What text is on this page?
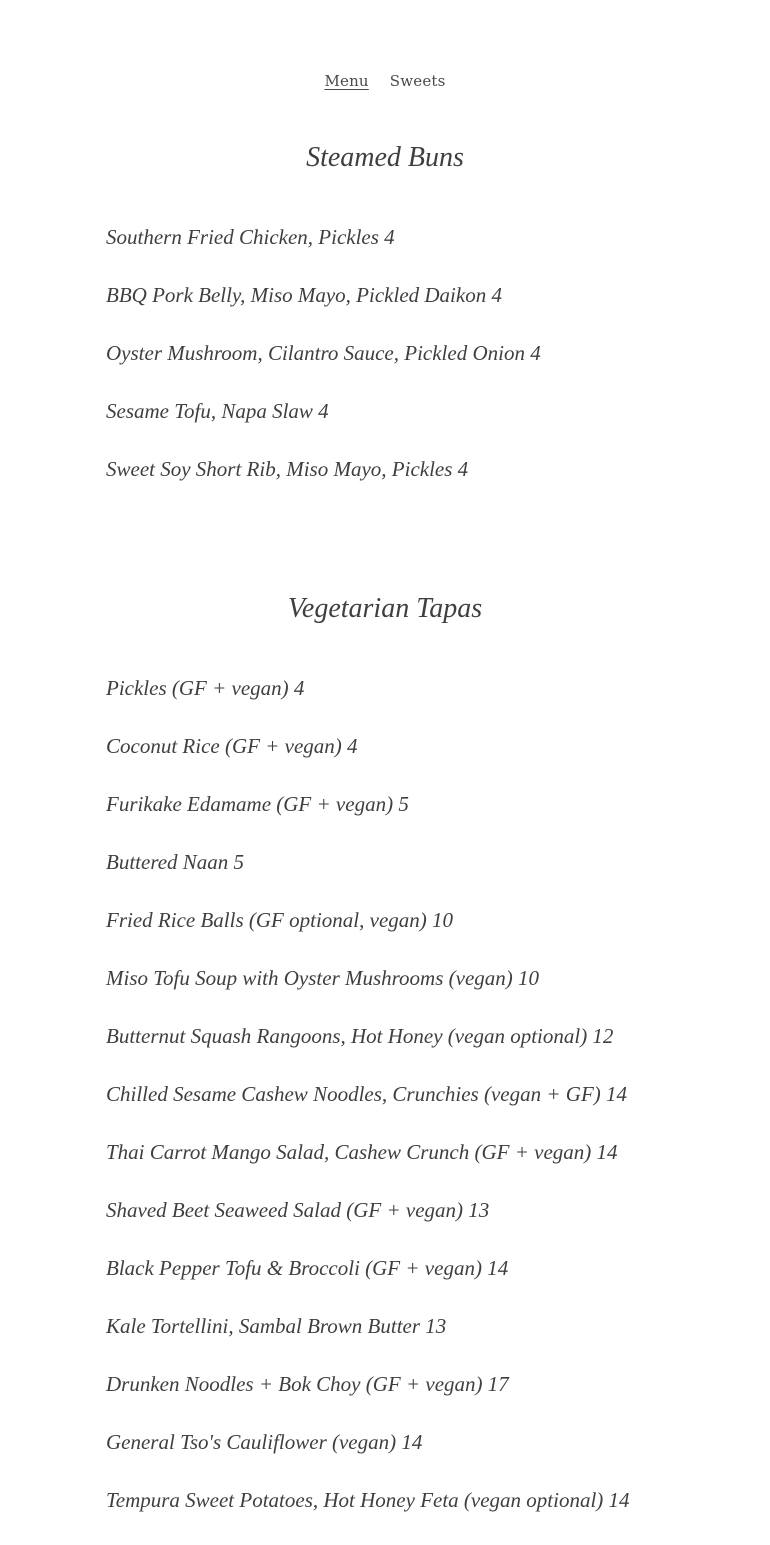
Menu Sweets
Steamed Buns
Southern Fried Chicken, Pickles 4
BBQ Pork Belly, Miso Mayo, Pickled Daikon 4
Oyster Mushroom, Cilantro Sauce, Pickled Onion 4
Sesame Tofu, Napa Slaw 4
Sweet Soy Short Rib, Miso Mayo, Pickles 4
Vegetarian Tapas
Pickles (GF + vegan) 4
Coconut Rice (GF + vegan) 4
Furikake Edamame (GF + vegan) 5
Buttered Naan 5
Fried Rice Balls (GF optional, vegan) 10
Miso Tofu Soup with Oyster Mushrooms (vegan) 10
Butternut Squash Rangoons, Hot Honey (vegan optional) 12
Chilled Sesame Cashew Noodles, Crunchies (vegan + GF) 14
Thai Carrot Mango Salad, Cashew Crunch (GF + vegan) 14
Shaved Beet Seaweed Salad (GF + vegan) 13
Black Pepper Tofu & Broccoli (GF + vegan) 14
Kale Tortellini, Sambal Brown Butter 13
Drunken Noodles + Bok Choy (GF + vegan) 17
General Tso's Cauliflower (vegan) 14
Tempura Sweet Potatoes, Hot Honey Feta (vegan optional) 14
